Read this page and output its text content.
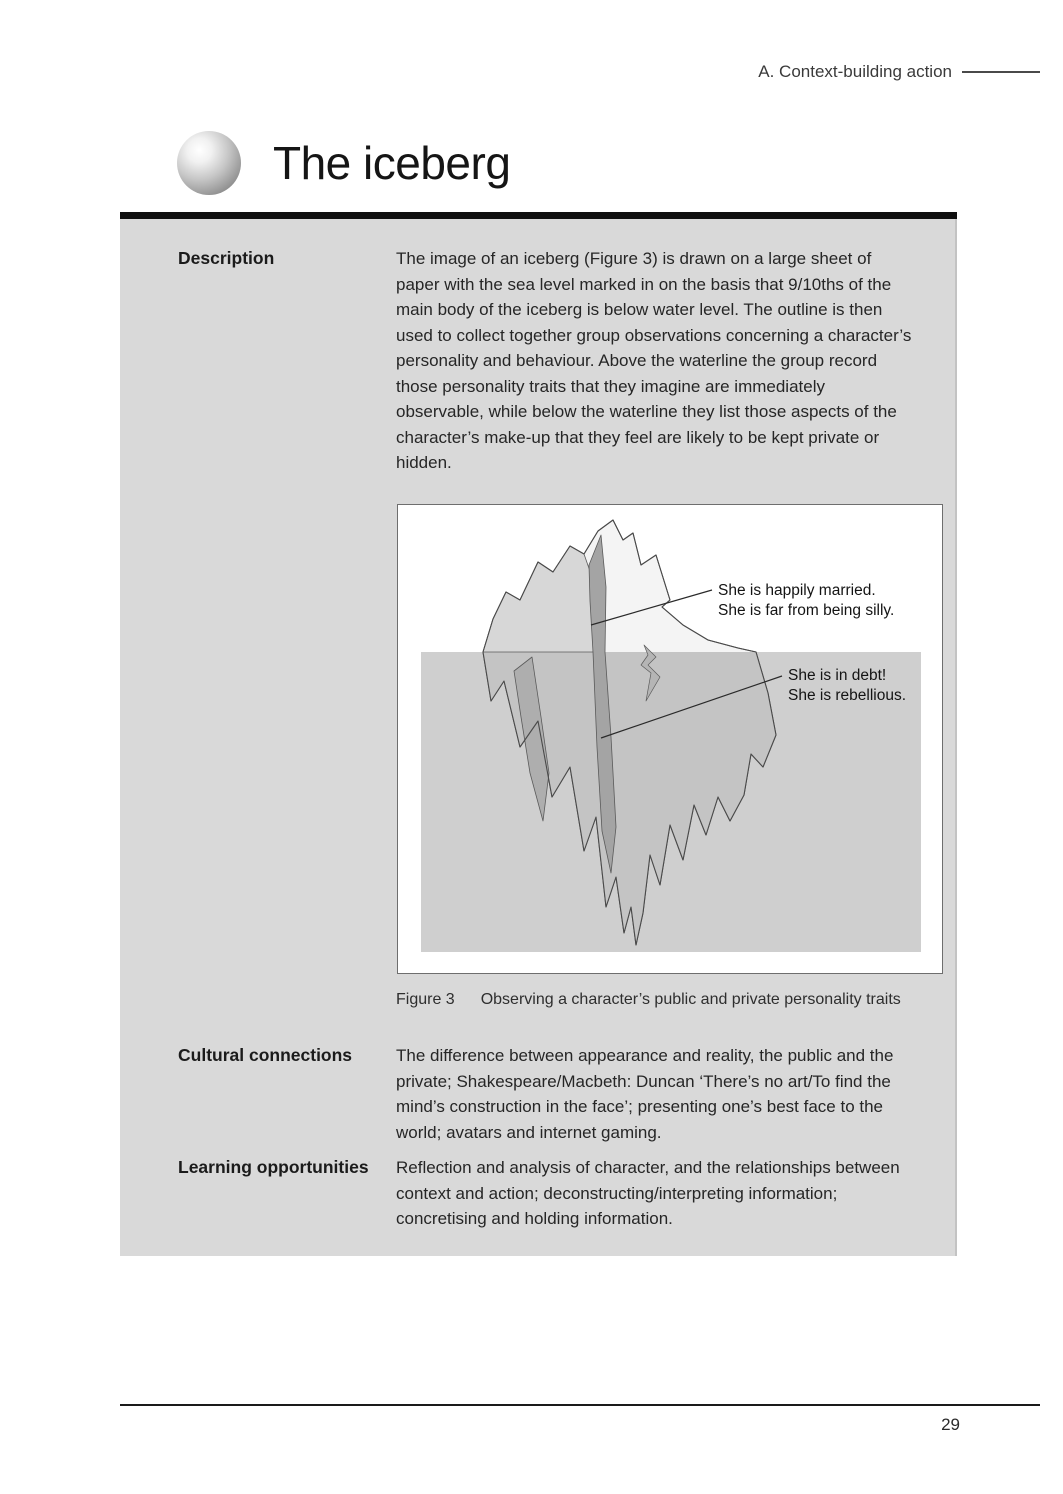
A. Context-building action
The iceberg
Description	The image of an iceberg (Figure 3) is drawn on a large sheet of paper with the sea level marked in on the basis that 9/10ths of the main body of the iceberg is below water level. The outline is then used to collect together group observations concerning a character’s personality and behaviour. Above the waterline the group record those personality traits that they imagine are immediately observable, while below the waterline they list those aspects of the character’s make-up that they feel are likely to be kept private or hidden.
She is happily married.
She is far from being silly.
She is in debt!
She is rebellious.
Figure 3 Observing a character’s public and private personality traits
Cultural connections	The difference between appearance and reality, the public and the private; Shakespeare/Macbeth: Duncan ‘There’s no art/To find the mind’s construction in the face’; presenting one’s best face to the world; avatars and internet gaming.
Learning opportunities	Reflection and analysis of character, and the relationships between context and action; deconstructing/interpreting information; concretising and holding information.
29
